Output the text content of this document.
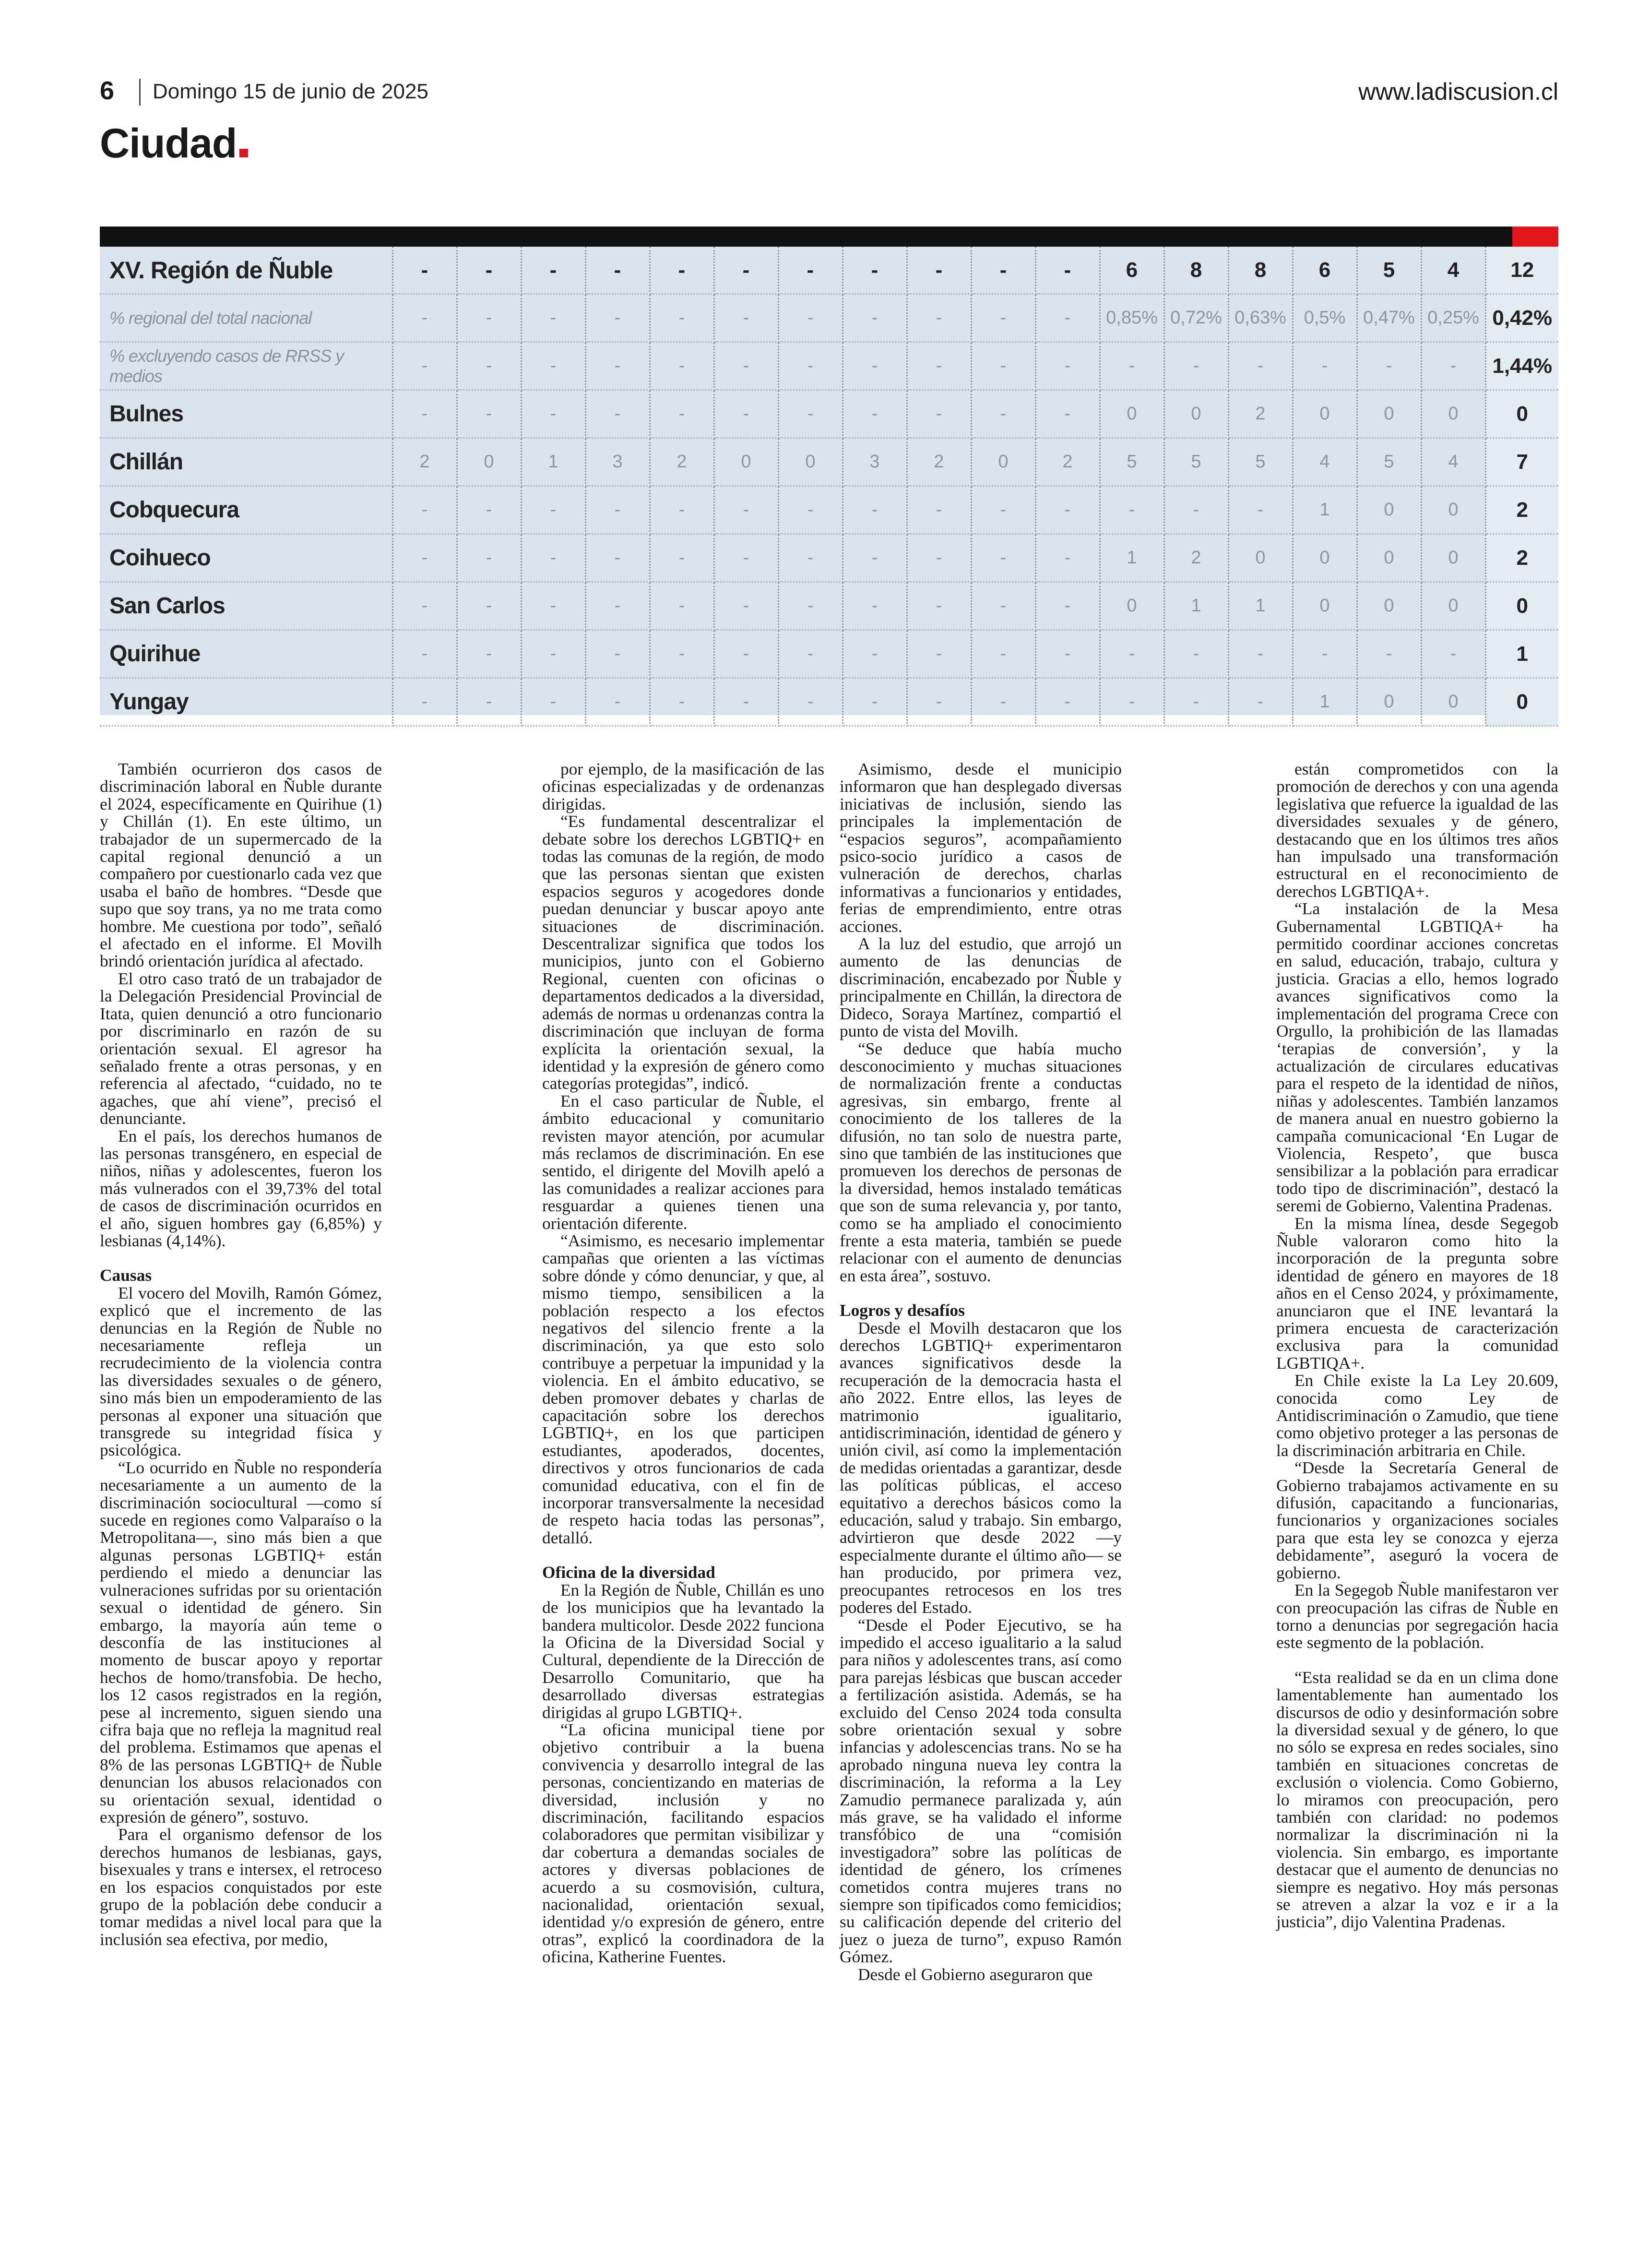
6 Domingo 15 de junio de 2025	www.ladiscusion.cl
Ciudad
XV. Región de Ñuble	-	-	-	-	-	-	-	-	-	-	-	6	8	8	6	5	4	12
% regional del total nacional	-	-	-	-	-	-	-	-	-	-	-	0,85%	0,72%	0,63%	0,5%	0,47%	0,25%	0,42%
% excluyendo casos de RRSS y medios	-	-	-	-	-	-	-	-	-	-	-	-	-	-	-	-	-	1,44%
Bulnes	-	-	-	-	-	-	-	-	-	-	-	0	0	2	0	0	0	0
Chillán	2	0	1	3	2	0	0	3	2	0	2	5	5	5	4	5	4	7
Cobquecura	-	-	-	-	-	-	-	-	-	-	-	-	-	-	1	0	0	2
Coihueco	-	-	-	-	-	-	-	-	-	-	-	1	2	0	0	0	0	2
San Carlos	-	-	-	-	-	-	-	-	-	-	-	0	1	1	0	0	0	0
Quirihue	-	-	-	-	-	-	-	-	-	-	-	-	-	-	-	-	-	1
Yungay	-	-	-	-	-	-	-	-	-	-	-	-	-	-	1	0	0	0

También ocurrieron dos casos de discriminación laboral en Ñuble durante el 2024, específicamente en Quirihue (1) y Chillán (1). En este último, un trabajador de un supermercado de la capital regional denunció a un compañero por cuestionarlo cada vez que usaba el baño de hombres. “Desde que supo que soy trans, ya no me trata como hombre. Me cuestiona por todo”, señaló el afectado en el informe. El Movilh brindó orientación jurídica al afectado.

El otro caso trató de un trabajador de la Delegación Presidencial Provincial de Itata, quien denunció a otro funcionario por discriminarlo en razón de su orientación sexual. El agresor ha señalado frente a otras personas, y en referencia al afectado, “cuidado, no te agaches, que ahí viene”, precisó el denunciante.

En el país, los derechos humanos de las personas transgénero, en especial de niños, niñas y adolescentes, fueron los más vulnerados con el 39,73% del total de casos de discriminación ocurridos en el año, siguen hombres gay (6,85%) y lesbianas (4,14%).

Causas

El vocero del Movilh, Ramón Gómez, explicó que el incremento de las denuncias en la Región de Ñuble no necesariamente refleja un recrudecimiento de la violencia contra las diversidades sexuales o de género, sino más bien un empoderamiento de las personas al exponer una situación que transgrede su integridad física y psicológica.

“Lo ocurrido en Ñuble no respondería necesariamente a un aumento de la discriminación sociocultural —como sí sucede en regiones como Valparaíso o la Metropolitana—, sino más bien a que algunas personas LGBTIQ+ están perdiendo el miedo a denunciar las vulneraciones sufridas por su orientación sexual o identidad de género. Sin embargo, la mayoría aún teme o desconfía de las instituciones al momento de buscar apoyo y reportar hechos de homo/transfobia. De hecho, los 12 casos registrados en la región, pese al incremento, siguen siendo una cifra baja que no refleja la magnitud real del problema. Estimamos que apenas el 8% de las personas LGBTIQ+ de Ñuble denuncian los abusos relacionados con su orientación sexual, identidad o expresión de género”, sostuvo.

Para el organismo defensor de los derechos humanos de lesbianas, gays, bisexuales y trans e intersex, el retroceso en los espacios conquistados por este grupo de la población debe conducir a tomar medidas a nivel local para que la inclusión sea efectiva, por medio,

por ejemplo, de la masificación de las oficinas especializadas y de ordenanzas dirigidas.

“Es fundamental descentralizar el debate sobre los derechos LGBTIQ+ en todas las comunas de la región, de modo que las personas sientan que existen espacios seguros y acogedores donde puedan denunciar y buscar apoyo ante situaciones de discriminación. Descentralizar significa que todos los municipios, junto con el Gobierno Regional, cuenten con oficinas o departamentos dedicados a la diversidad, además de normas u ordenanzas contra la discriminación que incluyan de forma explícita la orientación sexual, la identidad y la expresión de género como categorías protegidas”, indicó.

En el caso particular de Ñuble, el ámbito educacional y comunitario revisten mayor atención, por acumular más reclamos de discriminación. En ese sentido, el dirigente del Movilh apeló a las comunidades a realizar acciones para resguardar a quienes tienen una orientación diferente.

“Asimismo, es necesario implementar campañas que orienten a las víctimas sobre dónde y cómo denunciar, y que, al mismo tiempo, sensibilicen a la población respecto a los efectos negativos del silencio frente a la discriminación, ya que esto solo contribuye a perpetuar la impunidad y la violencia. En el ámbito educativo, se deben promover debates y charlas de capacitación sobre los derechos LGBTIQ+, en los que participen estudiantes, apoderados, docentes, directivos y otros funcionarios de cada comunidad educativa, con el fin de incorporar transversalmente la necesidad de respeto hacia todas las personas”, detalló.

Oficina de la diversidad

En la Región de Ñuble, Chillán es uno de los municipios que ha levantado la bandera multicolor. Desde 2022 funciona la Oficina de la Diversidad Social y Cultural, dependiente de la Dirección de Desarrollo Comunitario, que ha desarrollado diversas estrategias dirigidas al grupo LGBTIQ+.

“La oficina municipal tiene por objetivo contribuir a la buena convivencia y desarrollo integral de las personas, concientizando en materias de diversidad, inclusión y no discriminación, facilitando espacios colaboradores que permitan visibilizar y dar cobertura a demandas sociales de actores y diversas poblaciones de acuerdo a su cosmovisión, cultura, nacionalidad, orientación sexual, identidad y/o expresión de género, entre otras”, explicó la coordinadora de la oficina, Katherine Fuentes.

Asimismo, desde el municipio informaron que han desplegado diversas iniciativas de inclusión, siendo las principales la implementación de “espacios seguros”, acompañamiento psico-socio jurídico a casos de vulneración de derechos, charlas informativas a funcionarios y entidades, ferias de emprendimiento, entre otras acciones.

A la luz del estudio, que arrojó un aumento de las denuncias de discriminación, encabezado por Ñuble y principalmente en Chillán, la directora de Dideco, Soraya Martínez, compartió el punto de vista del Movilh.

“Se deduce que había mucho desconocimiento y muchas situaciones de normalización frente a conductas agresivas, sin embargo, frente al conocimiento de los talleres de la difusión, no tan solo de nuestra parte, sino que también de las instituciones que promueven los derechos de personas de la diversidad, hemos instalado temáticas que son de suma relevancia y, por tanto, como se ha ampliado el conocimiento frente a esta materia, también se puede relacionar con el aumento de denuncias en esta área”, sostuvo.

Logros y desafíos

Desde el Movilh destacaron que los derechos LGBTIQ+ experimentaron avances significativos desde la recuperación de la democracia hasta el año 2022. Entre ellos, las leyes de matrimonio igualitario, antidiscriminación, identidad de género y unión civil, así como la implementación de medidas orientadas a garantizar, desde las políticas públicas, el acceso equitativo a derechos básicos como la educación, salud y trabajo. Sin embargo, advirtieron que desde 2022 —y especialmente durante el último año— se han producido, por primera vez, preocupantes retrocesos en los tres poderes del Estado.

“Desde el Poder Ejecutivo, se ha impedido el acceso igualitario a la salud para niños y adolescentes trans, así como para parejas lésbicas que buscan acceder a fertilización asistida. Además, se ha excluido del Censo 2024 toda consulta sobre orientación sexual y sobre infancias y adolescencias trans. No se ha aprobado ninguna nueva ley contra la discriminación, la reforma a la Ley Zamudio permanece paralizada y, aún más grave, se ha validado el informe transfóbico de una “comisión investigadora” sobre las políticas de identidad de género, los crímenes cometidos contra mujeres trans no siempre son tipificados como femicidios; su calificación depende del criterio del juez o jueza de turno”, expuso Ramón Gómez.

Desde el Gobierno aseguraron que

están comprometidos con la promoción de derechos y con una agenda legislativa que refuerce la igualdad de las diversidades sexuales y de género, destacando que en los últimos tres años han impulsado una transformación estructural en el reconocimiento de derechos LGBTIQA+.

“La instalación de la Mesa Gubernamental LGBTIQA+ ha permitido coordinar acciones concretas en salud, educación, trabajo, cultura y justicia. Gracias a ello, hemos logrado avances significativos como la implementación del programa Crece con Orgullo, la prohibición de las llamadas ‘terapias de conversión’, y la actualización de circulares educativas para el respeto de la identidad de niños, niñas y adolescentes. También lanzamos de manera anual en nuestro gobierno la campaña comunicacional ‘En Lugar de Violencia, Respeto’, que busca sensibilizar a la población para erradicar todo tipo de discriminación”, destacó la seremi de Gobierno, Valentina Pradenas.

En la misma línea, desde Segegob Ñuble valoraron como hito la incorporación de la pregunta sobre identidad de género en mayores de 18 años en el Censo 2024, y próximamente, anunciaron que el INE levantará la primera encuesta de caracterización exclusiva para la comunidad LGBTIQA+.

En Chile existe la La Ley 20.609, conocida como Ley de Antidiscriminación o Zamudio, que tiene como objetivo proteger a las personas de la discriminación arbitraria en Chile.

“Desde la Secretaría General de Gobierno trabajamos activamente en su difusión, capacitando a funcionarias, funcionarios y organizaciones sociales para que esta ley se conozca y ejerza debidamente”, aseguró la vocera de gobierno.

En la Segegob Ñuble manifestaron ver con preocupación las cifras de Ñuble en torno a denuncias por segregación hacia este segmento de la población.

“Esta realidad se da en un clima done lamentablemente han aumentado los discursos de odio y desinformación sobre la diversidad sexual y de género, lo que no sólo se expresa en redes sociales, sino también en situaciones concretas de exclusión o violencia. Como Gobierno, lo miramos con preocupación, pero también con claridad: no podemos normalizar la discriminación ni la violencia. Sin embargo, es importante destacar que el aumento de denuncias no siempre es negativo. Hoy más personas se atreven a alzar la voz e ir a la justicia”, dijo Valentina Pradenas.
